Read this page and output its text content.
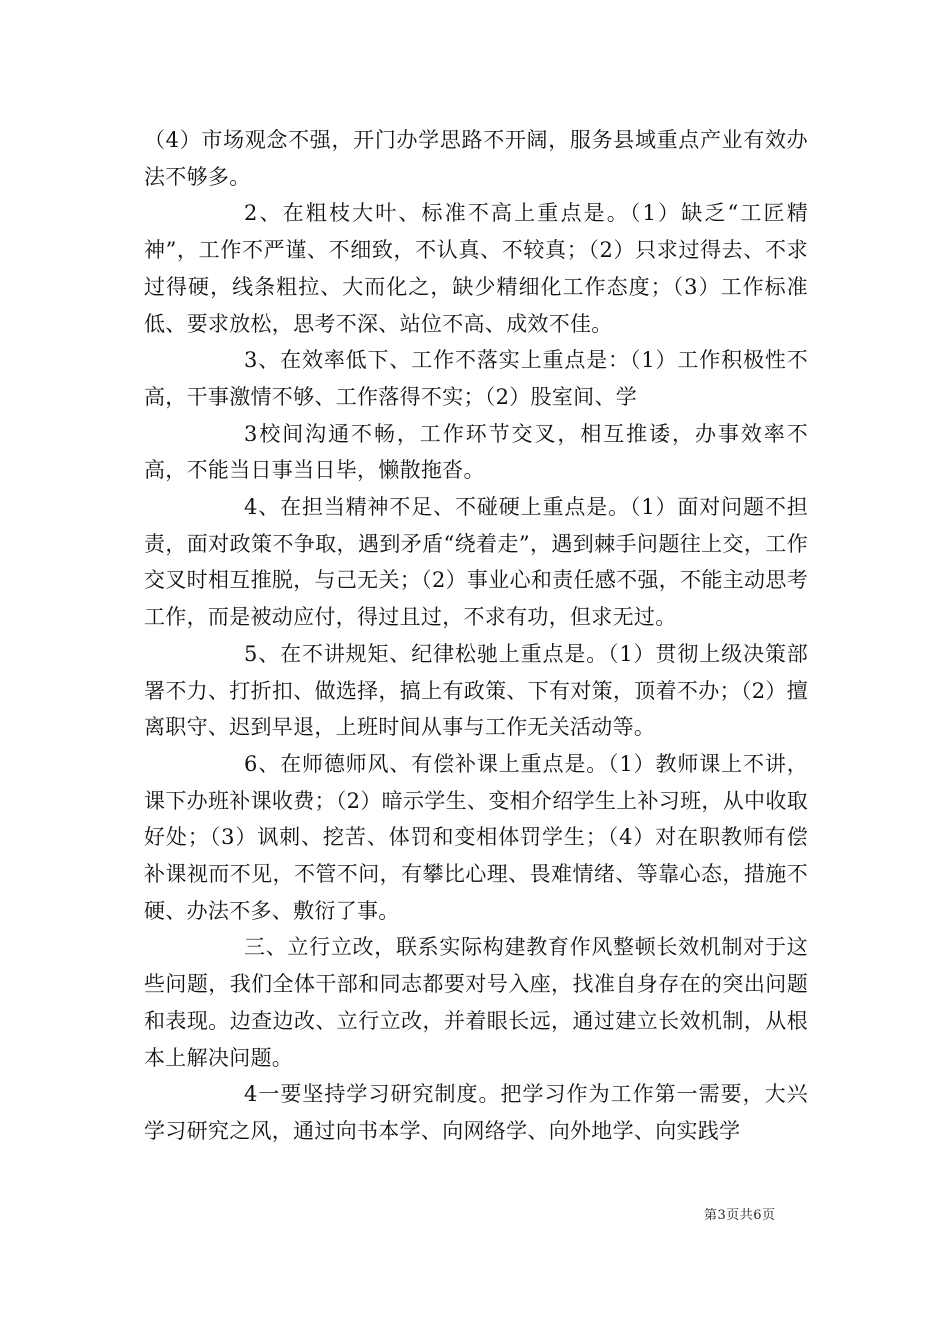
（4）市场观念不强，开门办学思路不开阔，服务县域重点产业有效办法不够多。

2、在粗枝大叶、标准不高上重点是。（1）缺乏“工匠精神”，工作不严谨、不细致，不认真、不较真；（2）只求过得去、不求过得硬，线条粗拉、大而化之，缺少精细化工作态度；（3）工作标准低、要求放松，思考不深、站位不高、成效不佳。

3、在效率低下、工作不落实上重点是：（1）工作积极性不高，干事激情不够、工作落得不实；（2）股室间、学

3校间沟通不畅，工作环节交叉，相互推诿，办事效率不高，不能当日事当日毕，懒散拖沓。

4、在担当精神不足、不碰硬上重点是。（1）面对问题不担责，面对政策不争取，遇到矛盾“绕着走”，遇到棘手问题往上交，工作交叉时相互推脱，与己无关；（2）事业心和责任感不强，不能主动思考工作，而是被动应付，得过且过，不求有功，但求无过。

5、在不讲规矩、纪律松驰上重点是。（1）贯彻上级决策部署不力、打折扣、做选择，搞上有政策、下有对策，顶着不办；（2）擅离职守、迟到早退，上班时间从事与工作无关活动等。

6、在师德师风、有偿补课上重点是。（1）教师课上不讲，课下办班补课收费；（2）暗示学生、变相介绍学生上补习班，从中收取好处；（3）讽刺、挖苦、体罚和变相体罚学生；（4）对在职教师有偿补课视而不见，不管不问，有攀比心理、畏难情绪、等靠心态，措施不硬、办法不多、敷衍了事。

三、立行立改，联系实际构建教育作风整顿长效机制对于这些问题，我们全体干部和同志都要对号入座，找准自身存在的突出问题和表现。边查边改、立行立改，并着眼长远，通过建立长效机制，从根本上解决问题。

4一要坚持学习研究制度。把学习作为工作第一需要，大兴学习研究之风，通过向书本学、向网络学、向外地学、向实践学

第3页共6页
